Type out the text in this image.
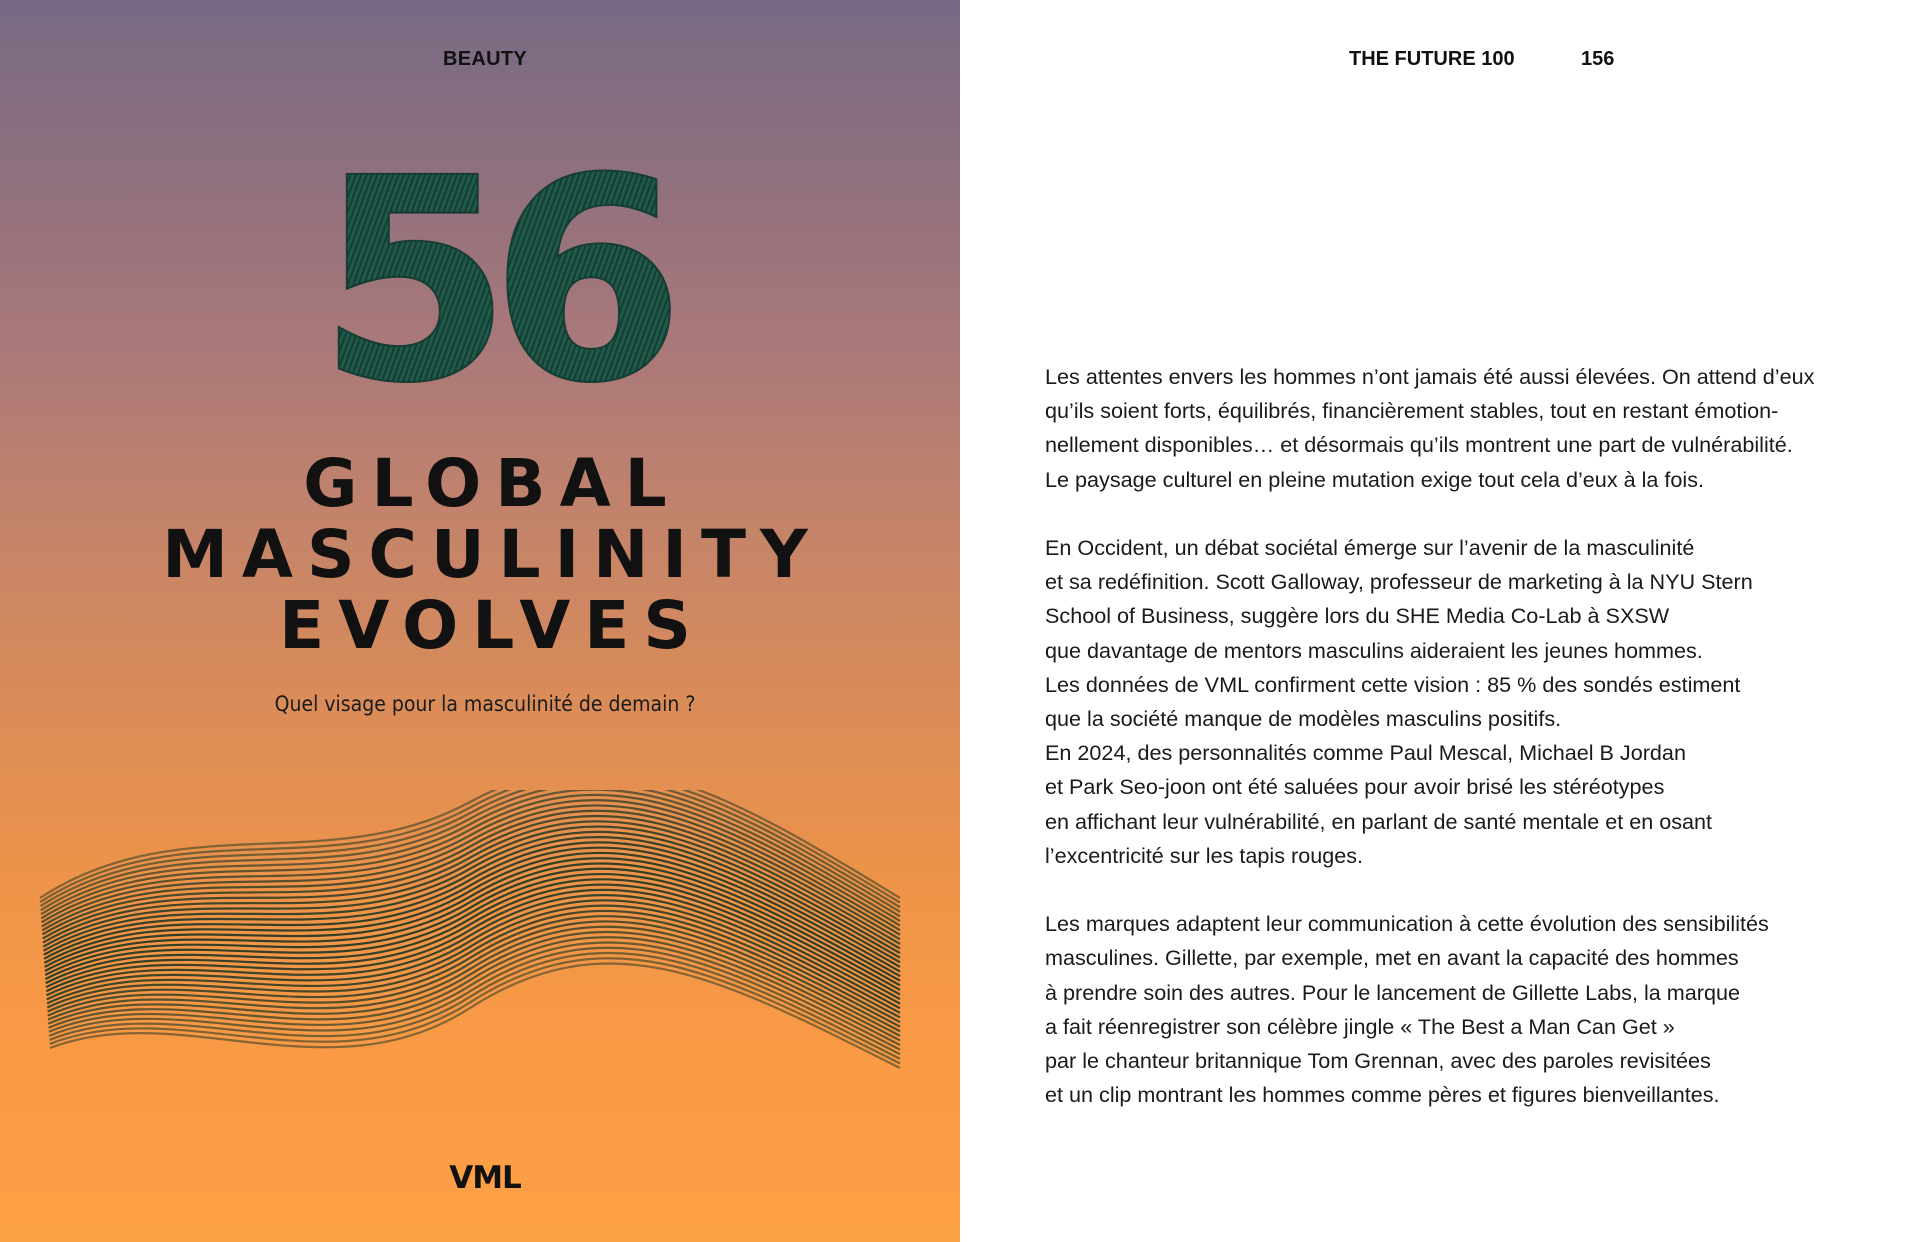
BEAUTY
56
GLOBAL
MASCULINITY
EVOLVES
Quel visage pour la masculinité de demain ?
VML
THE FUTURE 100	156
Les attentes envers les hommes n’ont jamais été aussi élevées. On attend d’eux
qu’ils soient forts, équilibrés, financièrement stables, tout en restant émotion-
nellement disponibles… et désormais qu’ils montrent une part de vulnérabilité.
Le paysage culturel en pleine mutation exige tout cela d’eux à la fois.
En Occident, un débat sociétal émerge sur l’avenir de la masculinité
et sa redéfinition. Scott Galloway, professeur de marketing à la NYU Stern
School of Business, suggère lors du SHE Media Co-Lab à SXSW
que davantage de mentors masculins aideraient les jeunes hommes.
Les données de VML confirment cette vision : 85 % des sondés estiment
que la société manque de modèles masculins positifs.
En 2024, des personnalités comme Paul Mescal, Michael B Jordan
et Park Seo-joon ont été saluées pour avoir brisé les stéréotypes
en affichant leur vulnérabilité, en parlant de santé mentale et en osant
l’excentricité sur les tapis rouges.
Les marques adaptent leur communication à cette évolution des sensibilités
masculines. Gillette, par exemple, met en avant la capacité des hommes
à prendre soin des autres. Pour le lancement de Gillette Labs, la marque
a fait réenregistrer son célèbre jingle « The Best a Man Can Get »
par le chanteur britannique Tom Grennan, avec des paroles revisitées
et un clip montrant les hommes comme pères et figures bienveillantes.
